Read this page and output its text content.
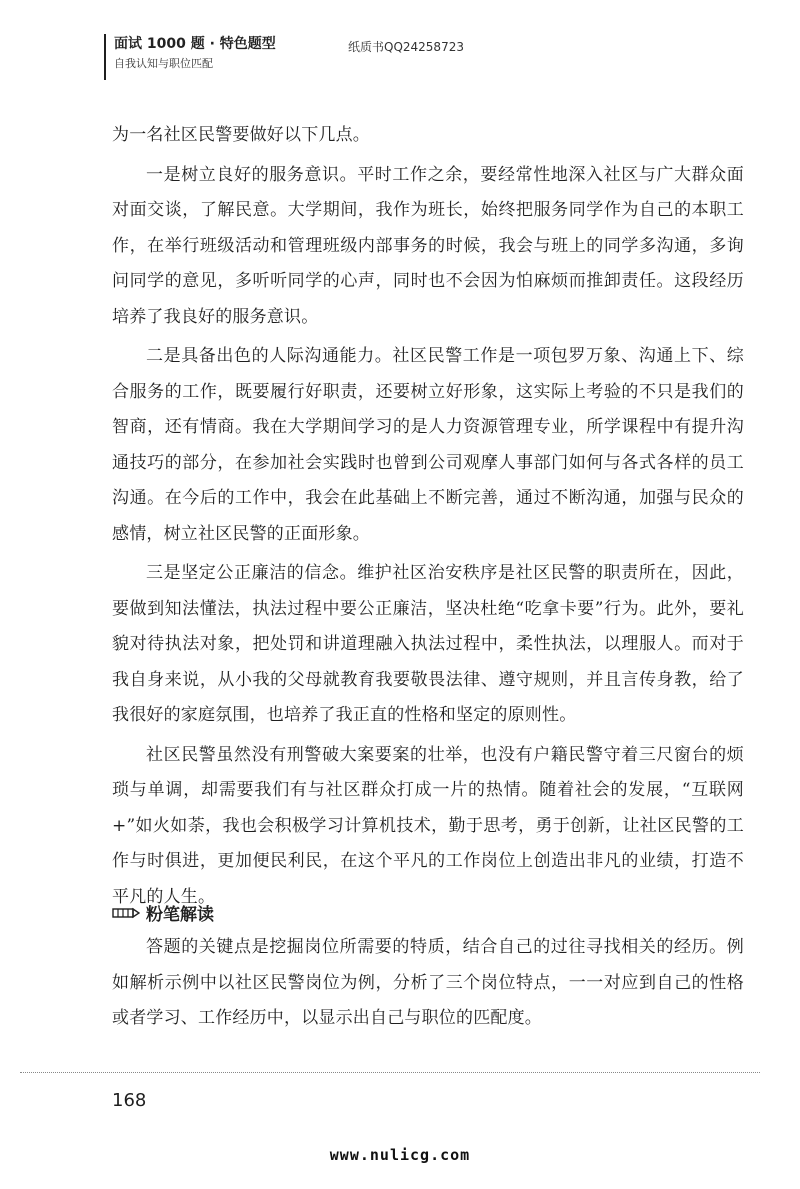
面试 1000 题 · 特色题型
自我认知与职位匹配
纸质书QQ24258723

为一名社区民警要做好以下几点。

一是树立良好的服务意识。平时工作之余，要经常性地深入社区与广大群众面对面交谈，了解民意。大学期间，我作为班长，始终把服务同学作为自己的本职工作，在举行班级活动和管理班级内部事务的时候，我会与班上的同学多沟通，多询问同学的意见，多听听同学的心声，同时也不会因为怕麻烦而推卸责任。这段经历培养了我良好的服务意识。

二是具备出色的人际沟通能力。社区民警工作是一项包罗万象、沟通上下、综合服务的工作，既要履行好职责，还要树立好形象，这实际上考验的不只是我们的智商，还有情商。我在大学期间学习的是人力资源管理专业，所学课程中有提升沟通技巧的部分，在参加社会实践时也曾到公司观摩人事部门如何与各式各样的员工沟通。在今后的工作中，我会在此基础上不断完善，通过不断沟通，加强与民众的感情，树立社区民警的正面形象。

三是坚定公正廉洁的信念。维护社区治安秩序是社区民警的职责所在，因此，要做到知法懂法，执法过程中要公正廉洁，坚决杜绝“吃拿卡要”行为。此外，要礼貌对待执法对象，把处罚和讲道理融入执法过程中，柔性执法，以理服人。而对于我自身来说，从小我的父母就教育我要敬畏法律、遵守规则，并且言传身教，给了我很好的家庭氛围，也培养了我正直的性格和坚定的原则性。

社区民警虽然没有刑警破大案要案的壮举，也没有户籍民警守着三尺窗台的烦琐与单调，却需要我们有与社区群众打成一片的热情。随着社会的发展，“互联网+”如火如荼，我也会积极学习计算机技术，勤于思考，勇于创新，让社区民警的工作与时俱进，更加便民利民，在这个平凡的工作岗位上创造出非凡的业绩，打造不平凡的人生。

粉笔解读

答题的关键点是挖掘岗位所需要的特质，结合自己的过往寻找相关的经历。例如解析示例中以社区民警岗位为例，分析了三个岗位特点，一一对应到自己的性格或者学习、工作经历中，以显示出自己与职位的匹配度。

168
www.nulicg.com
